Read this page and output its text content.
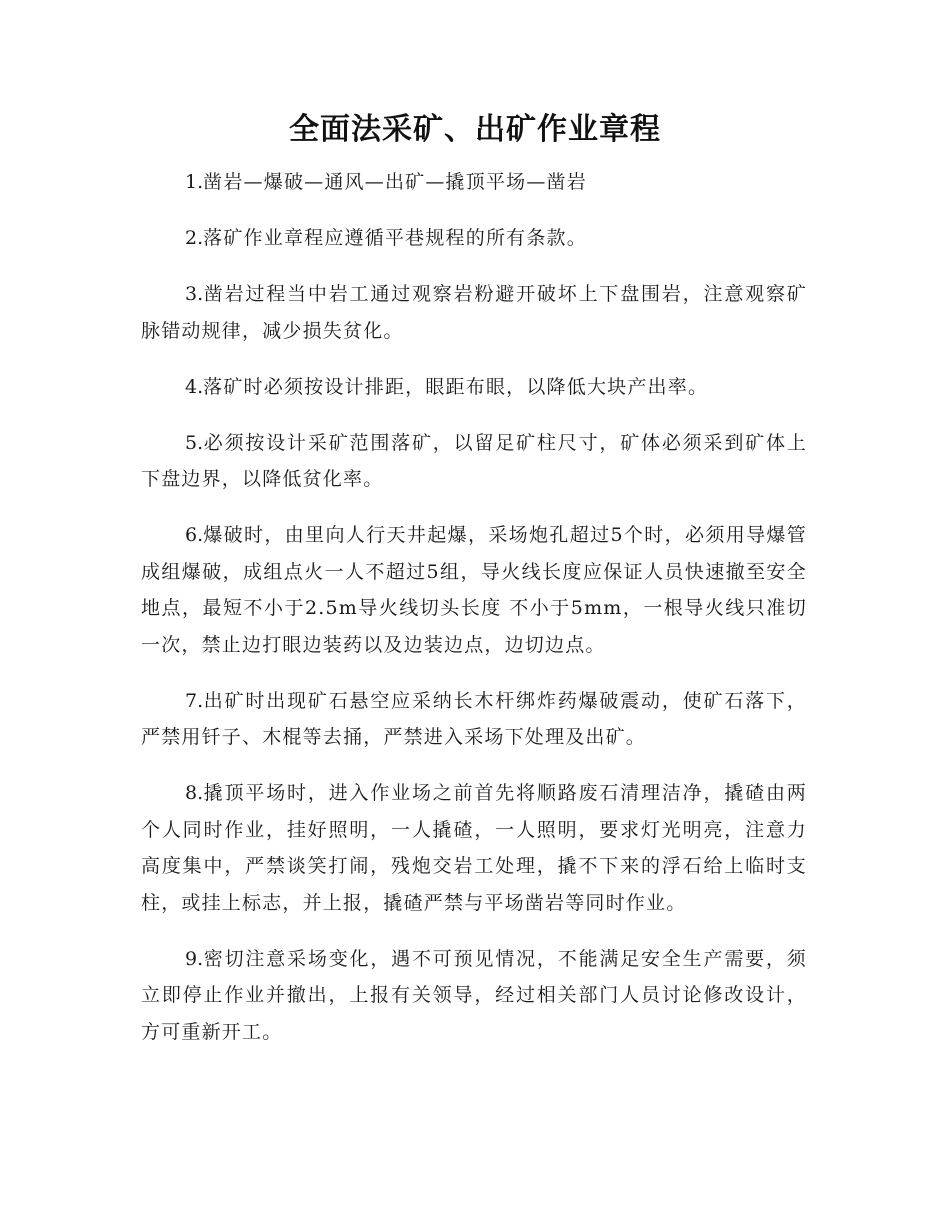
全面法采矿、出矿作业章程

1.凿岩—爆破—通风—出矿—撬顶平场—凿岩

2.落矿作业章程应遵循平巷规程的所有条款。

3.凿岩过程当中岩工通过观察岩粉避开破坏上下盘围岩，注意观察矿脉错动规律，减少损失贫化。

4.落矿时必须按设计排距，眼距布眼，以降低大块产出率。

5.必须按设计采矿范围落矿，以留足矿柱尺寸，矿体必须采到矿体上下盘边界，以降低贫化率。

6.爆破时，由里向人行天井起爆，采场炮孔超过5个时，必须用导爆管成组爆破，成组点火一人不超过5组，导火线长度应保证人员快速撤至安全地点，最短不小于2.5m导火线切头长度 不小于5mm，一根导火线只准切一次，禁止边打眼边装药以及边装边点，边切边点。

7.出矿时出现矿石悬空应采纳长木杆绑炸药爆破震动，使矿石落下，严禁用钎子、木棍等去捅，严禁进入采场下处理及出矿。

8.撬顶平场时，进入作业场之前首先将顺路废石清理洁净，撬碴由两个人同时作业，挂好照明，一人撬碴，一人照明，要求灯光明亮，注意力高度集中，严禁谈笑打闹，残炮交岩工处理，撬不下来的浮石给上临时支柱，或挂上标志，并上报，撬碴严禁与平场凿岩等同时作业。

9.密切注意采场变化，遇不可预见情况，不能满足安全生产需要，须立即停止作业并撤出，上报有关领导，经过相关部门人员讨论修改设计，方可重新开工。
